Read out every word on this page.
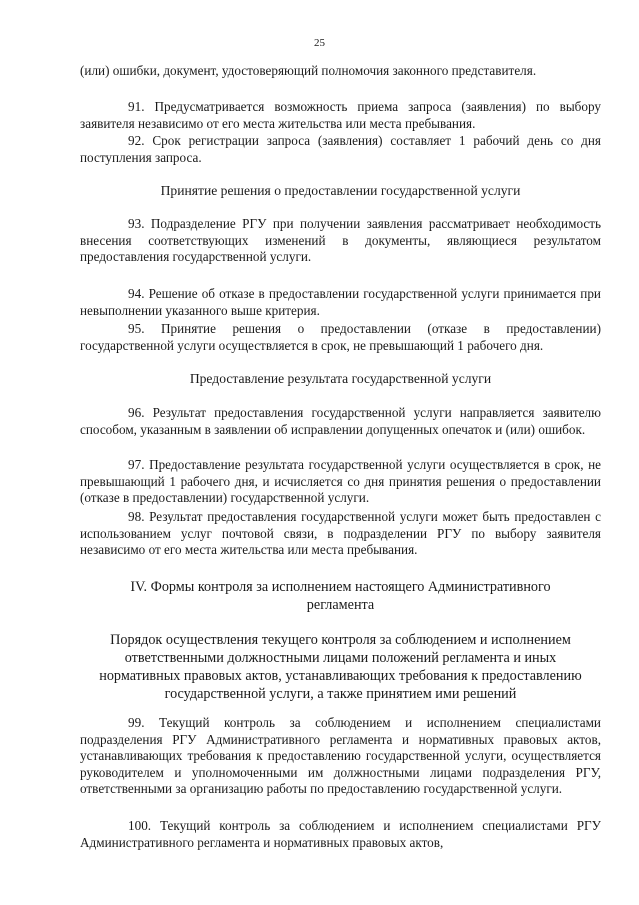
25

(или) ошибки, документ, удостоверяющий полномочия законного представителя.

91. Предусматривается возможность приема запроса (заявления) по выбору заявителя независимо от его места жительства или места пребывания.

92. Срок регистрации запроса (заявления) составляет 1 рабочий день со дня поступления запроса.

Принятие решения о предоставлении государственной услуги

93. Подразделение РГУ при получении заявления рассматривает необходимость внесения соответствующих изменений в документы, являющиеся результатом предоставления государственной услуги.

94. Решение об отказе в предоставлении государственной услуги принимается при невыполнении указанного выше критерия.

95. Принятие решения о предоставлении (отказе в предоставлении) государственной услуги осуществляется в срок, не превышающий 1 рабочего дня.

Предоставление результата государственной услуги

96. Результат предоставления государственной услуги направляется заявителю способом, указанным в заявлении об исправлении допущенных опечаток и (или) ошибок.

97. Предоставление результата государственной услуги осуществляется в срок, не превышающий 1 рабочего дня, и исчисляется со дня принятия решения о предоставлении (отказе в предоставлении) государственной услуги.

98. Результат предоставления государственной услуги может быть предоставлен с использованием услуг почтовой связи, в подразделении РГУ по выбору заявителя независимо от его места жительства или места пребывания.

IV. Формы контроля за исполнением настоящего Административного регламента

Порядок осуществления текущего контроля за соблюдением и исполнением ответственными должностными лицами положений регламента и иных нормативных правовых актов, устанавливающих требования к предоставлению государственной услуги, а также принятием ими решений

99. Текущий контроль за соблюдением и исполнением специалистами подразделения РГУ Административного регламента и нормативных правовых актов, устанавливающих требования к предоставлению государственной услуги, осуществляется руководителем и уполномоченными им должностными лицами подразделения РГУ, ответственными за организацию работы по предоставлению государственной услуги.

100. Текущий контроль за соблюдением и исполнением специалистами РГУ Административного регламента и нормативных правовых актов,
